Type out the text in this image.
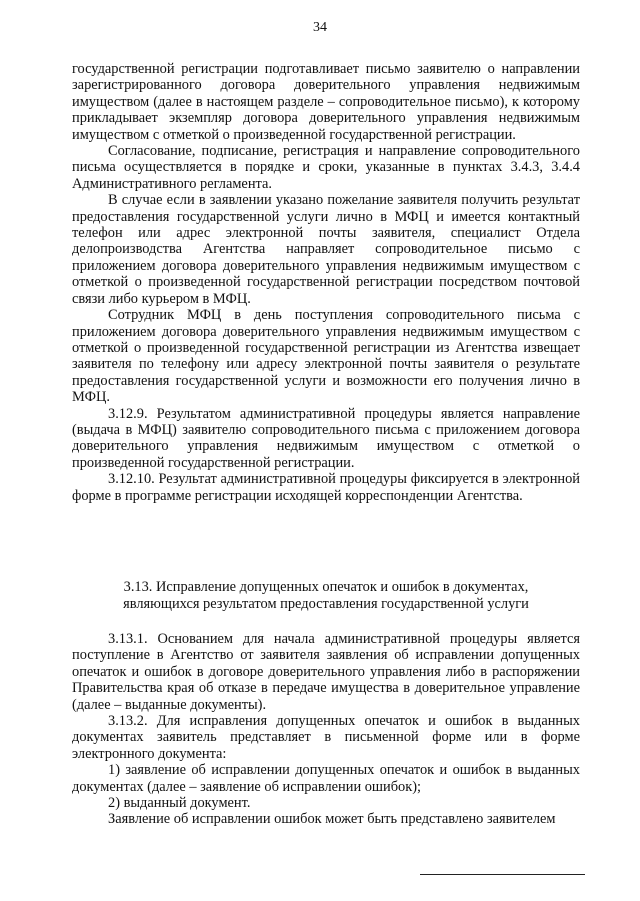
34

государственной регистрации подготавливает письмо заявителю о направлении зарегистрированного договора доверительного управления недвижимым имуществом (далее в настоящем разделе – сопроводительное письмо), к которому прикладывает экземпляр договора доверительного управления недвижимым имуществом с отметкой о произведенной государственной регистрации.

Согласование, подписание, регистрация и направление сопроводительного письма осуществляется в порядке и сроки, указанные в пунктах 3.4.3, 3.4.4 Административного регламента.

В случае если в заявлении указано пожелание заявителя получить результат предоставления государственной услуги лично в МФЦ и имеется контактный телефон или адрес электронной почты заявителя, специалист Отдела делопроизводства Агентства направляет сопроводительное письмо с приложением договора доверительного управления недвижимым имуществом с отметкой о произведенной государственной регистрации посредством почтовой связи либо курьером в МФЦ.

Сотрудник МФЦ в день поступления сопроводительного письма с приложением договора доверительного управления недвижимым имуществом с отметкой о произведенной государственной регистрации из Агентства извещает заявителя по телефону или адресу электронной почты заявителя о результате предоставления государственной услуги и возможности его получения лично в МФЦ.

3.12.9. Результатом административной процедуры является направление (выдача в МФЦ) заявителю сопроводительного письма с приложением договора доверительного управления недвижимым имуществом с отметкой о произведенной государственной регистрации.

3.12.10. Результат административной процедуры фиксируется в электронной форме в программе регистрации исходящей корреспонденции Агентства.

3.13. Исправление допущенных опечаток и ошибок в документах,

являющихся результатом предоставления государственной услуги

3.13.1. Основанием для начала административной процедуры является поступление в Агентство от заявителя заявления об исправлении допущенных опечаток и ошибок в договоре доверительного управления либо в распоряжении Правительства края об отказе в передаче имущества в доверительное управление (далее – выданные документы).

3.13.2. Для исправления допущенных опечаток и ошибок в выданных документах заявитель представляет в письменной форме или в форме электронного документа:

1) заявление об исправлении допущенных опечаток и ошибок в выданных документах (далее – заявление об исправлении ошибок);

2) выданный документ.

Заявление об исправлении ошибок может быть представлено заявителем
